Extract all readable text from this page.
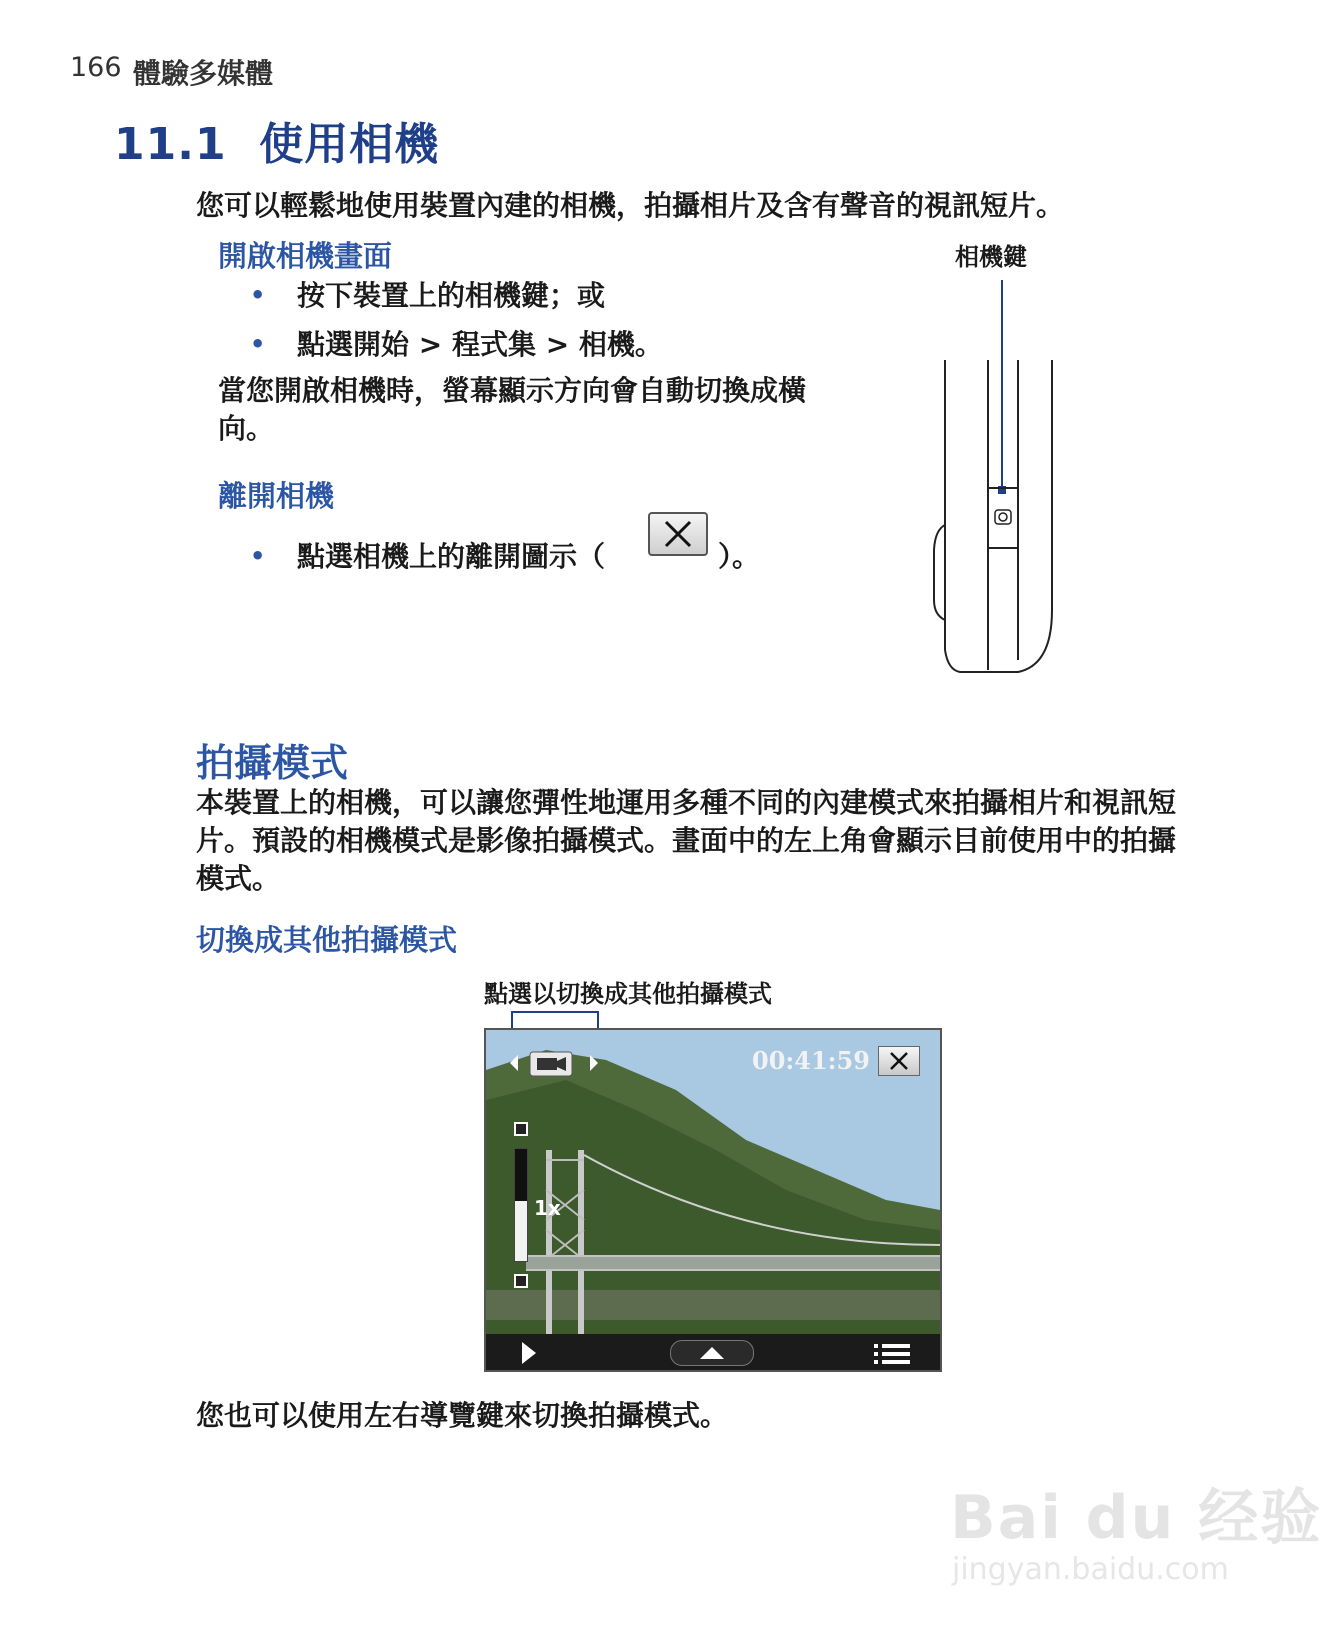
166 體驗多媒體
11.1 使用相機
您可以輕鬆地使用裝置內建的相機，拍攝相片及含有聲音的視訊短片。
開啟相機畫面
• 按下裝置上的相機鍵；或
• 點選開始 > 程式集 > 相機。
當您開啟相機時，螢幕顯示方向會自動切換成橫向。
相機鍵
離開相機
• 點選相機上的離開圖示（	）。
拍攝模式
本裝置上的相機，可以讓您彈性地運用多種不同的內建模式來拍攝相片和視訊短片。預設的相機模式是影像拍攝模式。畫面中的左上角會顯示目前使用中的拍攝模式。
切換成其他拍攝模式
點選以切換成其他拍攝模式
00:41:59
1x
您也可以使用左右導覽鍵來切換拍攝模式。
Bai du 经验
jingyan.baidu.com
